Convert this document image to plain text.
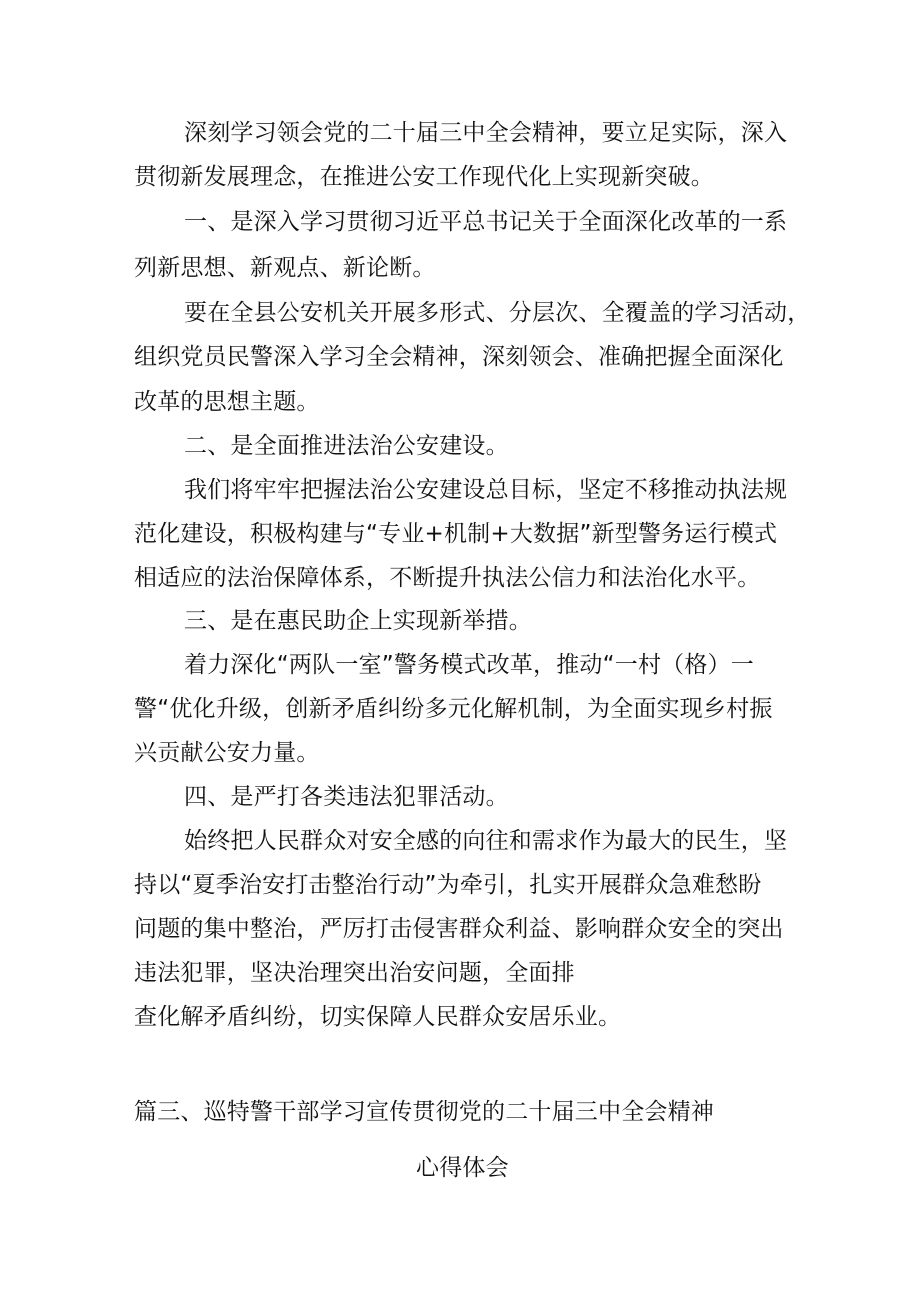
深刻学习领会党的二十届三中全会精神，要立足实际，深入
贯彻新发展理念，在推进公安工作现代化上实现新突破。
一、是深入学习贯彻习近平总书记关于全面深化改革的一系
列新思想、新观点、新论断。
要在全县公安机关开展多形式、分层次、全覆盖的学习活动，
组织党员民警深入学习全会精神，深刻领会、准确把握全面深化
改革的思想主题。
二、是全面推进法治公安建设。
我们将牢牢把握法治公安建设总目标，坚定不移推动执法规
范化建设，积极构建与“专业+机制+大数据”新型警务运行模式
相适应的法治保障体系，不断提升执法公信力和法治化水平。
三、是在惠民助企上实现新举措。
着力深化“两队一室”警务模式改革，推动“一村（格）一
警“优化升级，创新矛盾纠纷多元化解机制，为全面实现乡村振
兴贡献公安力量。
四、是严打各类违法犯罪活动。
始终把人民群众对安全感的向往和需求作为最大的民生，坚
持以“夏季治安打击整治行动”为牵引，扎实开展群众急难愁盼
问题的集中整治，严厉打击侵害群众利益、影响群众安全的突出
违法犯罪，坚决治理突出治安问题，全面排
查化解矛盾纠纷，切实保障人民群众安居乐业。
篇三、巡特警干部学习宣传贯彻党的二十届三中全会精神
心得体会
